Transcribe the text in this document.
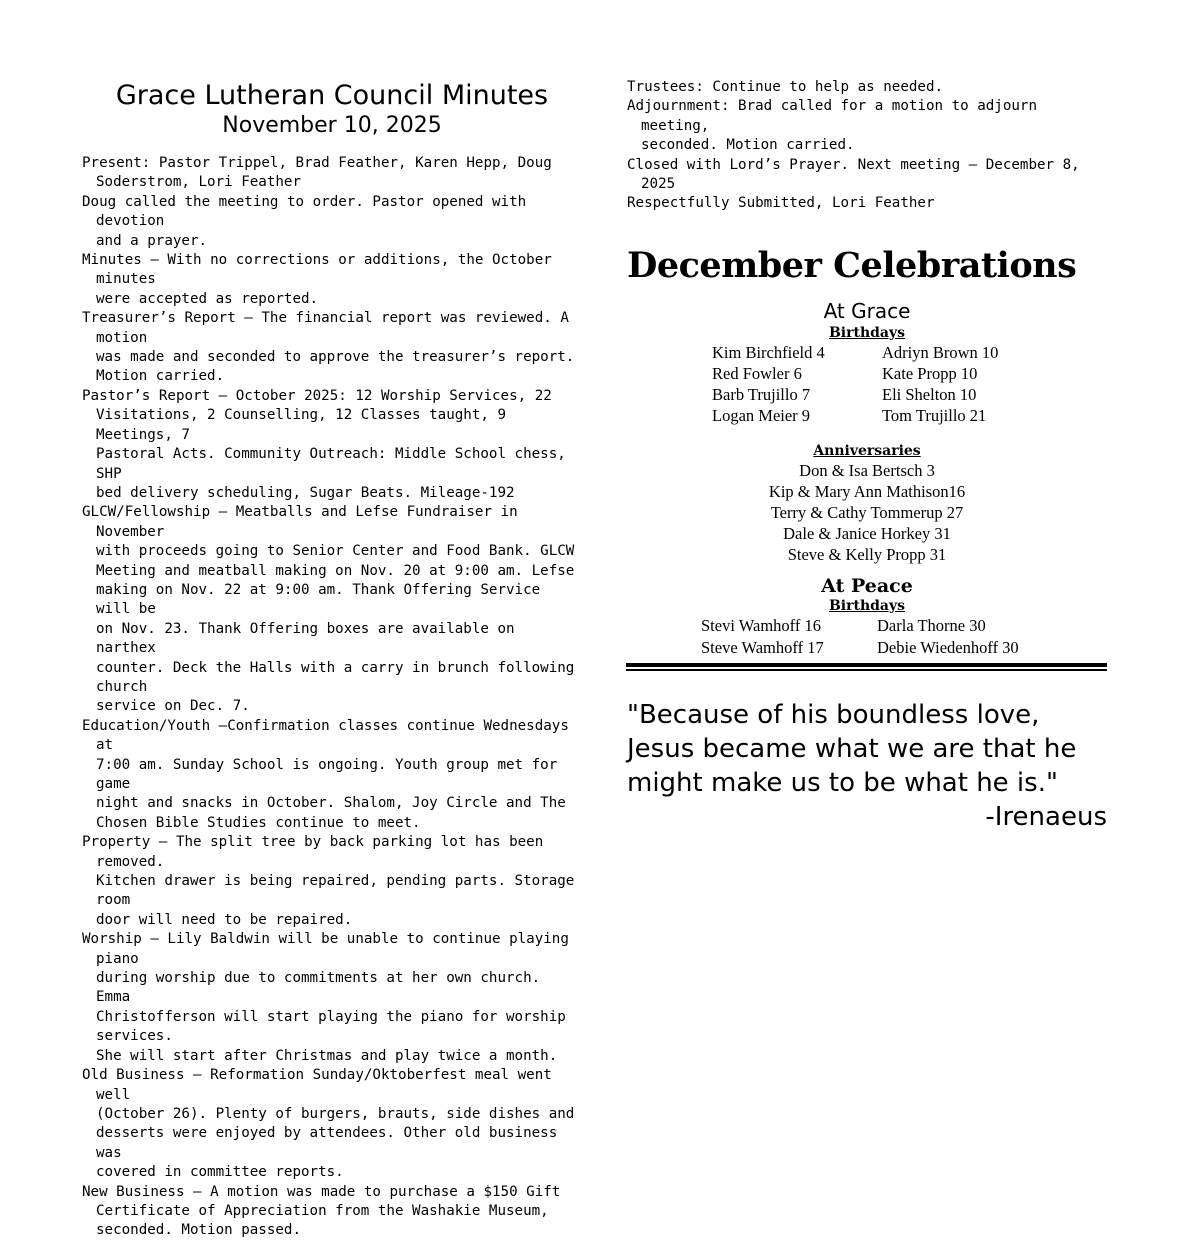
Grace Lutheran Council Minutes
November 10, 2025
Present: Pastor Trippel, Brad Feather, Karen Hepp, Doug
Soderstrom, Lori Feather
Doug called the meeting to order. Pastor opened with devotion
and a prayer.
Minutes – With no corrections or additions, the October minutes
were accepted as reported.
Treasurer’s Report – The financial report was reviewed. A motion
was made and seconded to approve the treasurer’s report.
Motion carried.
Pastor’s Report – October 2025: 12 Worship Services, 22
Visitations, 2 Counselling, 12 Classes taught, 9 Meetings, 7
Pastoral Acts. Community Outreach: Middle School chess, SHP
bed delivery scheduling, Sugar Beats. Mileage-192
GLCW/Fellowship – Meatballs and Lefse Fundraiser in November
with proceeds going to Senior Center and Food Bank. GLCW
Meeting and meatball making on Nov. 20 at 9:00 am. Lefse
making on Nov. 22 at 9:00 am. Thank Offering Service will be
on Nov. 23. Thank Offering boxes are available on narthex
counter. Deck the Halls with a carry in brunch following church
service on Dec. 7.
Education/Youth –Confirmation classes continue Wednesdays at
7:00 am. Sunday School is ongoing. Youth group met for game
night and snacks in October. Shalom, Joy Circle and The
Chosen Bible Studies continue to meet.
Property – The split tree by back parking lot has been removed.
Kitchen drawer is being repaired, pending parts. Storage room
door will need to be repaired.
Worship – Lily Baldwin will be unable to continue playing piano
during worship due to commitments at her own church. Emma
Christofferson will start playing the piano for worship services.
She will start after Christmas and play twice a month.
Old Business – Reformation Sunday/Oktoberfest meal went well
(October 26). Plenty of burgers, brauts, side dishes and
desserts were enjoyed by attendees. Other old business was
covered in committee reports.
New Business – A motion was made to purchase a $150 Gift
Certificate of Appreciation from the Washakie Museum,
seconded. Motion passed.
Trustees: Continue to help as needed.
Adjournment: Brad called for a motion to adjourn meeting,
seconded. Motion carried.
Closed with Lord’s Prayer. Next meeting – December 8, 2025
Respectfully Submitted, Lori Feather
December Celebrations
At Grace
Birthdays
Kim Birchfield 4	Adriyn Brown 10
Red Fowler 6	Kate Propp 10
Barb Trujillo 7	Eli Shelton 10
Logan Meier 9	Tom Trujillo 21
Anniversaries
Don & Isa Bertsch 3
Kip & Mary Ann Mathison16
Terry & Cathy Tommerup 27
Dale & Janice Horkey 31
Steve & Kelly Propp 31
At Peace
Birthdays
Stevi Wamhoff 16	Darla Thorne 30
Steve Wamhoff 17	Debie Wiedenhoff 30
"Because of his boundless love, Jesus became what we are that he might make us to be what he is."
-Irenaeus
